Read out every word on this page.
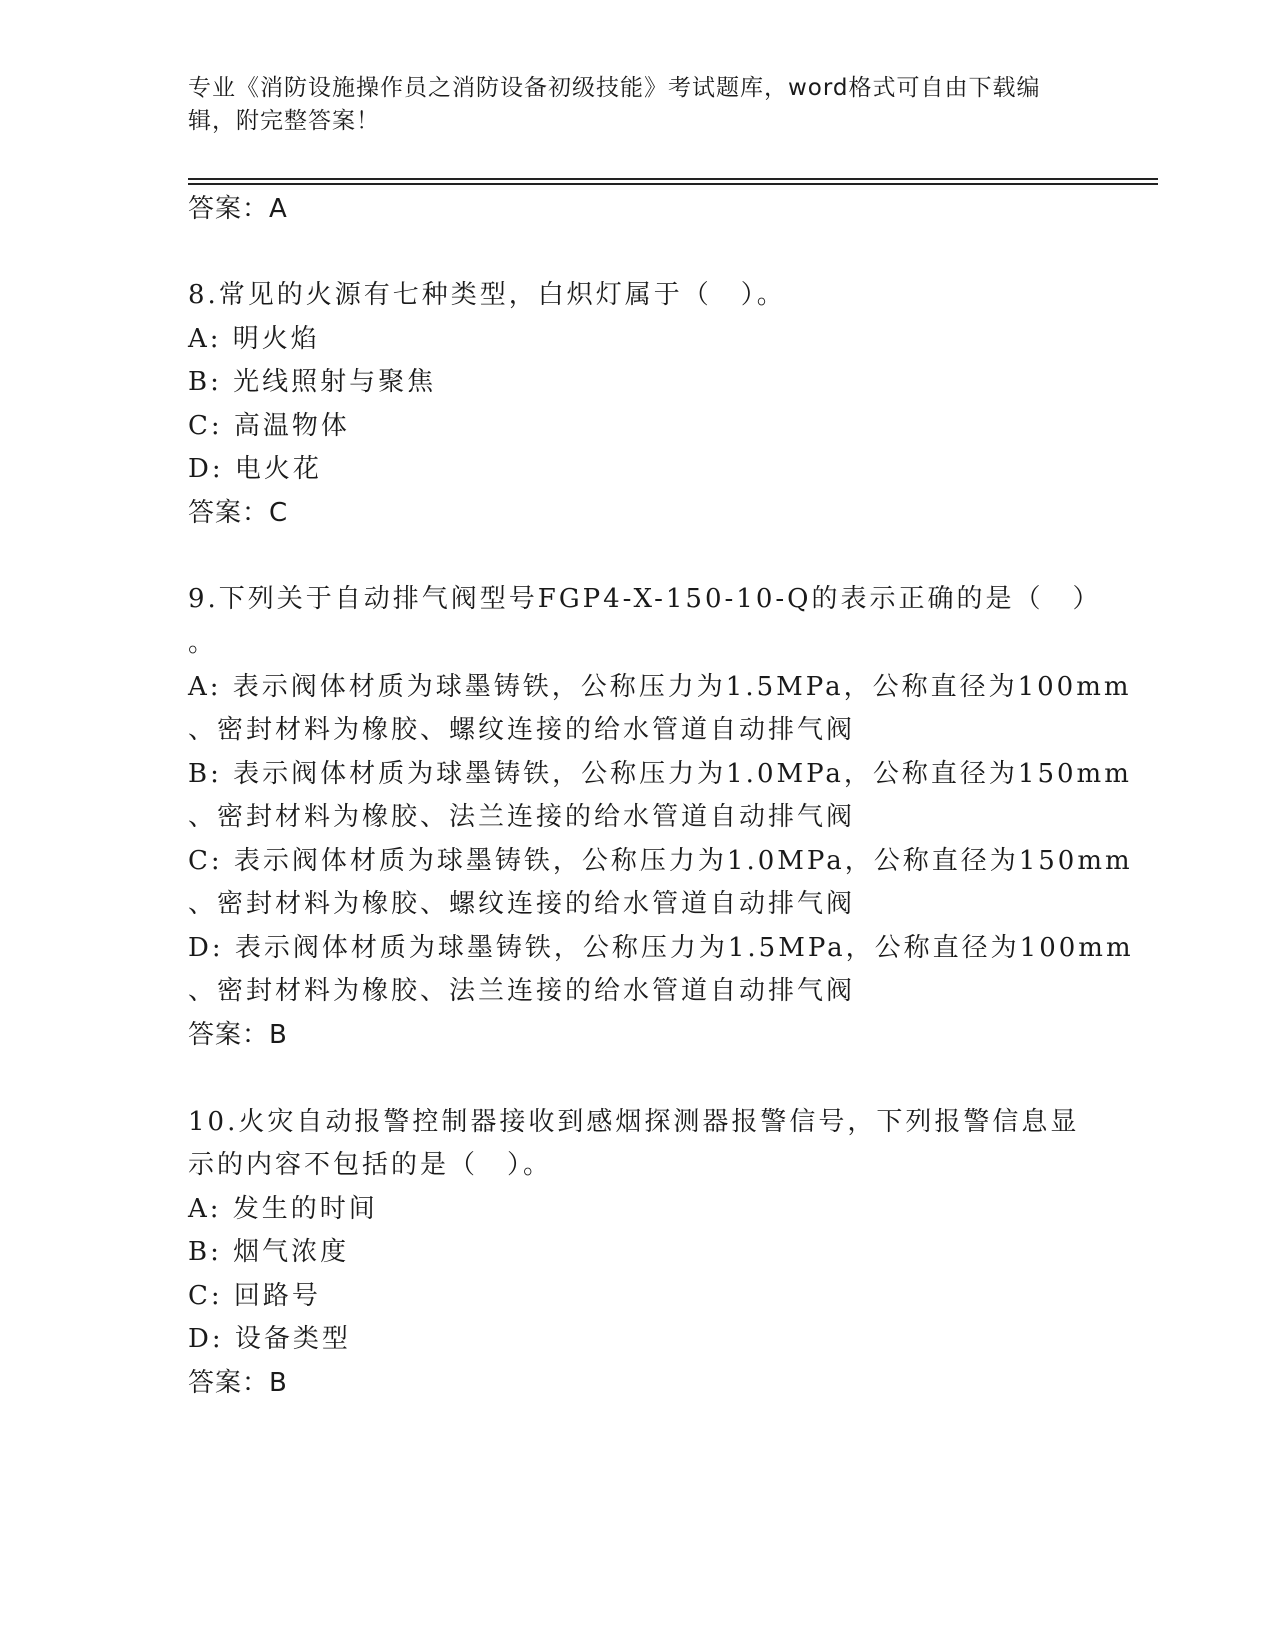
专业《消防设施操作员之消防设备初级技能》考试题库，word格式可自由下载编辑，附完整答案！
答案：A
8.常见的火源有七种类型，白炽灯属于（　）。
A: 明火焰
B: 光线照射与聚焦
C: 高温物体
D: 电火花
答案：C
9.下列关于自动排气阀型号FGP4-X-150-10-Q的表示正确的是（　）
。
A: 表示阀体材质为球墨铸铁，公称压力为1.5MPa，公称直径为100mm
、密封材料为橡胶、螺纹连接的给水管道自动排气阀
B: 表示阀体材质为球墨铸铁，公称压力为1.0MPa，公称直径为150mm
、密封材料为橡胶、法兰连接的给水管道自动排气阀
C: 表示阀体材质为球墨铸铁，公称压力为1.0MPa，公称直径为150mm
、密封材料为橡胶、螺纹连接的给水管道自动排气阀
D: 表示阀体材质为球墨铸铁，公称压力为1.5MPa，公称直径为100mm
、密封材料为橡胶、法兰连接的给水管道自动排气阀
答案：B
10.火灾自动报警控制器接收到感烟探测器报警信号，下列报警信息显
示的内容不包括的是（　）。
A: 发生的时间
B: 烟气浓度
C: 回路号
D: 设备类型
答案：B
